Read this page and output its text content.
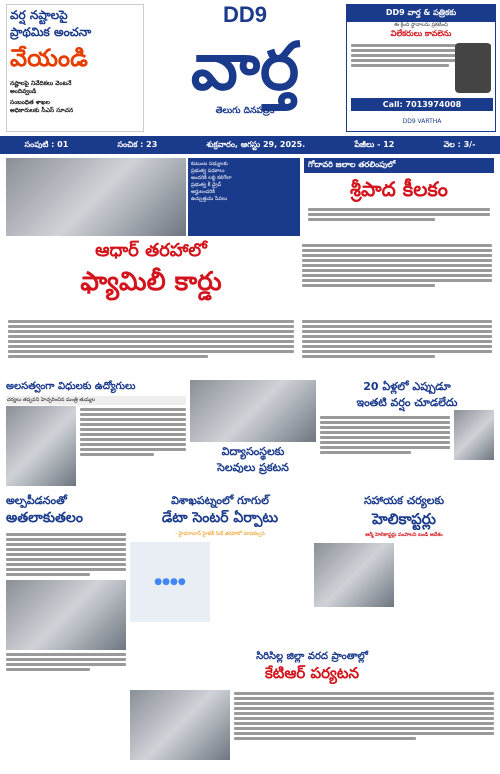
వర్ష నష్టాలపై
ప్రాథమిక అంచనా
వేయండి
నష్టాలపై నివేదికలు వెంటనే
అందివ్వండి
సంబంధిత శాఖల
అధికారులకు సీఎస్ సూచన
DD9
వార్త
తెలుగు దినపత్రిక
DD9 వార్త & పత్రికకు
ఈ క్రింది స్థానాలను ప్రకటించి
విలేకరులు కావలెను
Call: 7013974008
DD9 VARTHA
సంపుటి : 01	సంచిక : 23	శుక్రవారం, ఆగస్టు 29, 2025.	పేజీలు - 12	వెల : 3/-
కుటుంబ సభ్యులకు
ప్రభుత్వ పథకాలు
అందరికీ లబ్ధి కలిగేలా
ప్రభుత్వ కీ డ్రైవ్
అర్హులందరికీ
ఉచ్చుత్తుమ సేవలు
గోదావరి జలాల తరలింపులో
శ్రీపాద కీలకం
ఆధార్ తరహాలో
ఫ్యామిలీ కార్డు
అలసత్వంగా విధులకు ఉద్యోగులు
చర్యలు తప్పవని హెచ్చరించిన మంత్రి తుమ్మల
విద్యాసంస్థలకు
సెలవులు ప్రకటన
20 ఏళ్లలో ఎప్పుడూ
ఇంతటి వర్షం చూడలేదు
అల్పపీడనంతో
అతలాకుతలం
విశాఖపట్నంలో గూగుల్
డేటా సెంటర్ ఏర్పాటు
- హైదరాబాద్ హైటెక్ సిటీ తరహాలో రూపకల్పన
●●●●
సహాయక చర్యలకు
హెలికాప్టర్లు
ఆర్మీ హెలికాప్టర్లు పంపాలని బండి ఆదేశం
సిరిసిల్ల జిల్లా వరద ప్రాంతాల్లో
కేటిఆర్ పర్యటన
